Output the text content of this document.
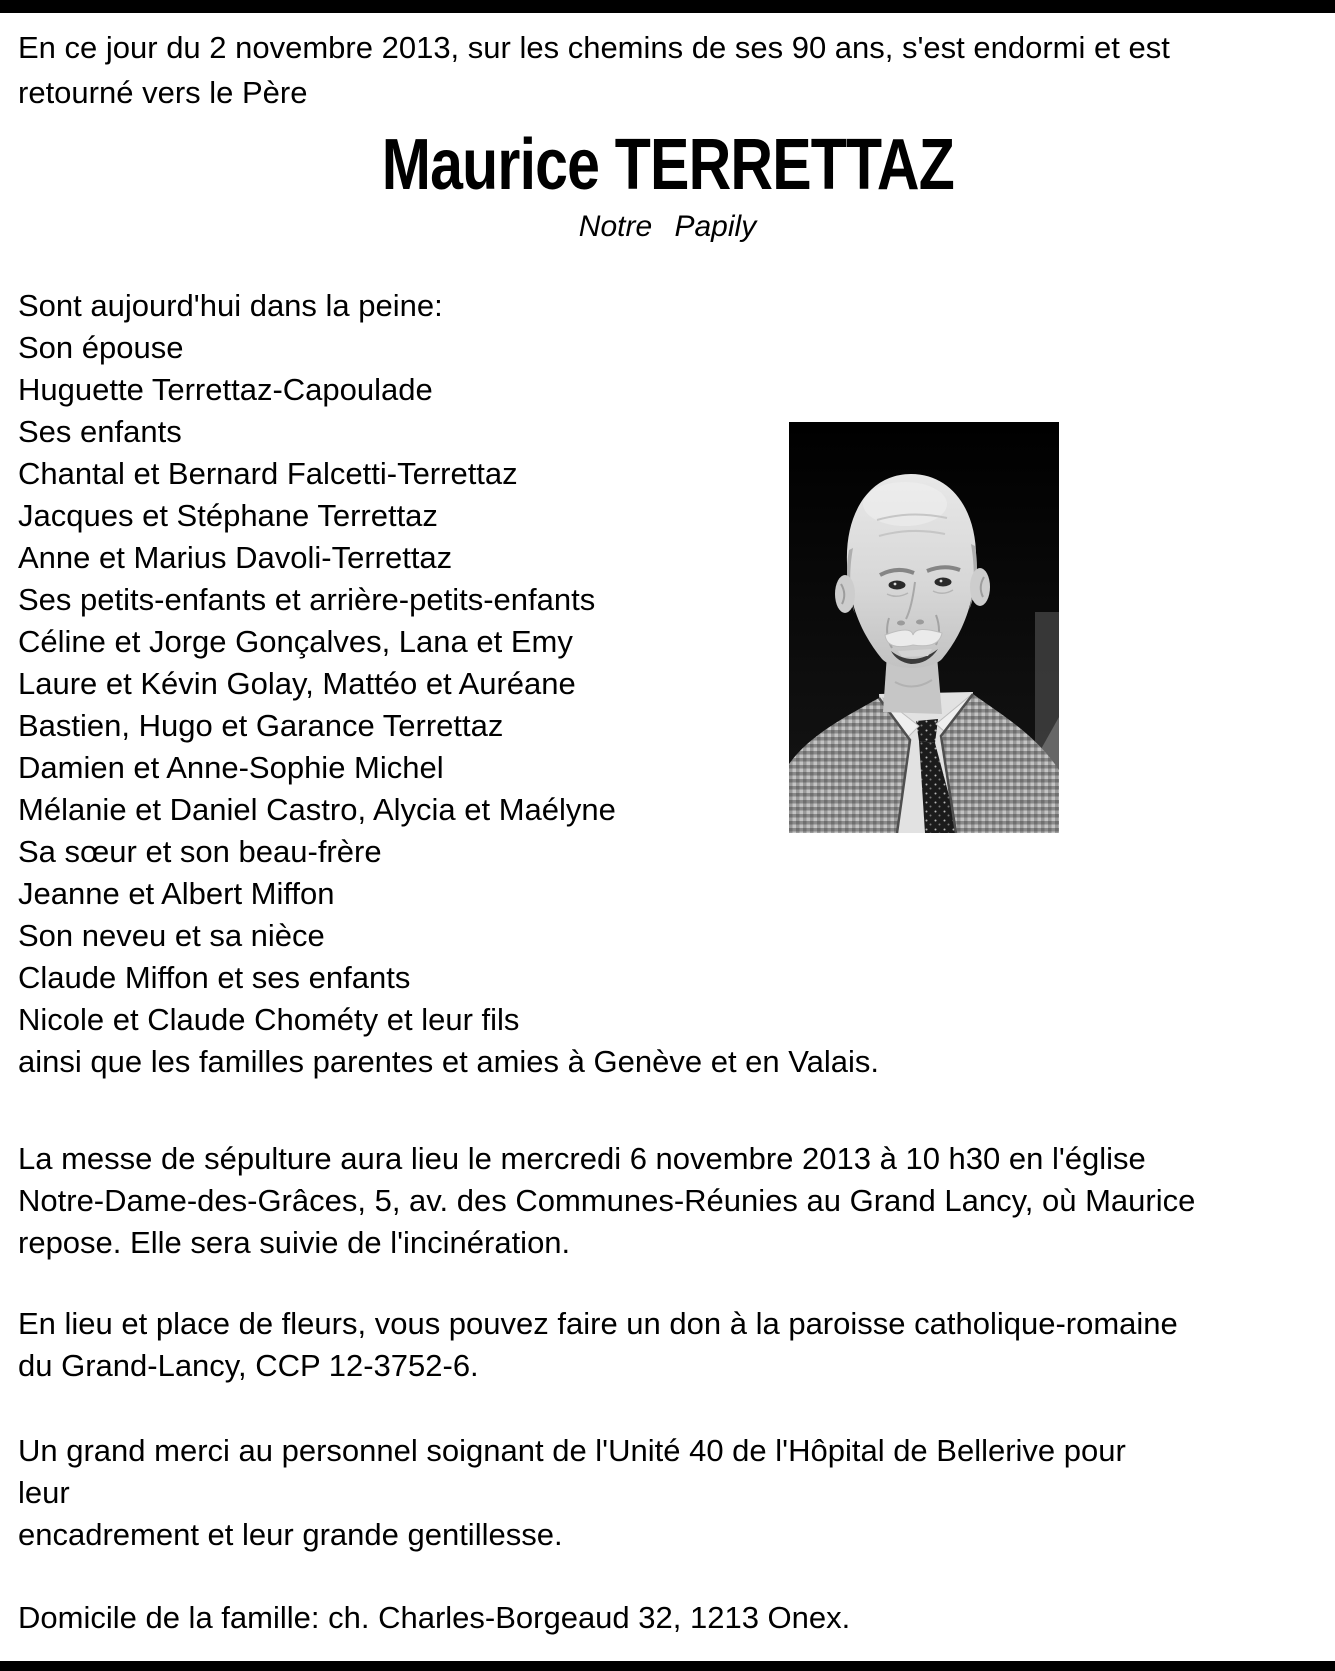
En ce jour du 2 novembre 2013, sur les chemins de ses 90 ans, s'est endormi et est
retourné vers le Père
Maurice TERRETTAZ
Notre Papily
Sont aujourd'hui dans la peine:
Son épouse
Huguette Terrettaz-Capoulade
Ses enfants
Chantal et Bernard Falcetti-Terrettaz
Jacques et Stéphane Terrettaz
Anne et Marius Davoli-Terrettaz
Ses petits-enfants et arrière-petits-enfants
Céline et Jorge Gonçalves, Lana et Emy
Laure et Kévin Golay, Mattéo et Auréane
Bastien, Hugo et Garance Terrettaz
Damien et Anne-Sophie Michel
Mélanie et Daniel Castro, Alycia et Maélyne
Sa sœur et son beau-frère
Jeanne et Albert Miffon
Son neveu et sa nièce
Claude Miffon et ses enfants
Nicole et Claude Chométy et leur fils
ainsi que les familles parentes et amies à Genève et en Valais.
La messe de sépulture aura lieu le mercredi 6 novembre 2013 à 10 h30 en l'église
Notre-Dame-des-Grâces, 5, av. des Communes-Réunies au Grand Lancy, où Maurice
repose. Elle sera suivie de l'incinération.
En lieu et place de fleurs, vous pouvez faire un don à la paroisse catholique-romaine
du Grand-Lancy, CCP 12-3752-6.
Un grand merci au personnel soignant de l'Unité 40 de l'Hôpital de Bellerive pour
leur
encadrement et leur grande gentillesse.
Domicile de la famille: ch. Charles-Borgeaud 32, 1213 Onex.
